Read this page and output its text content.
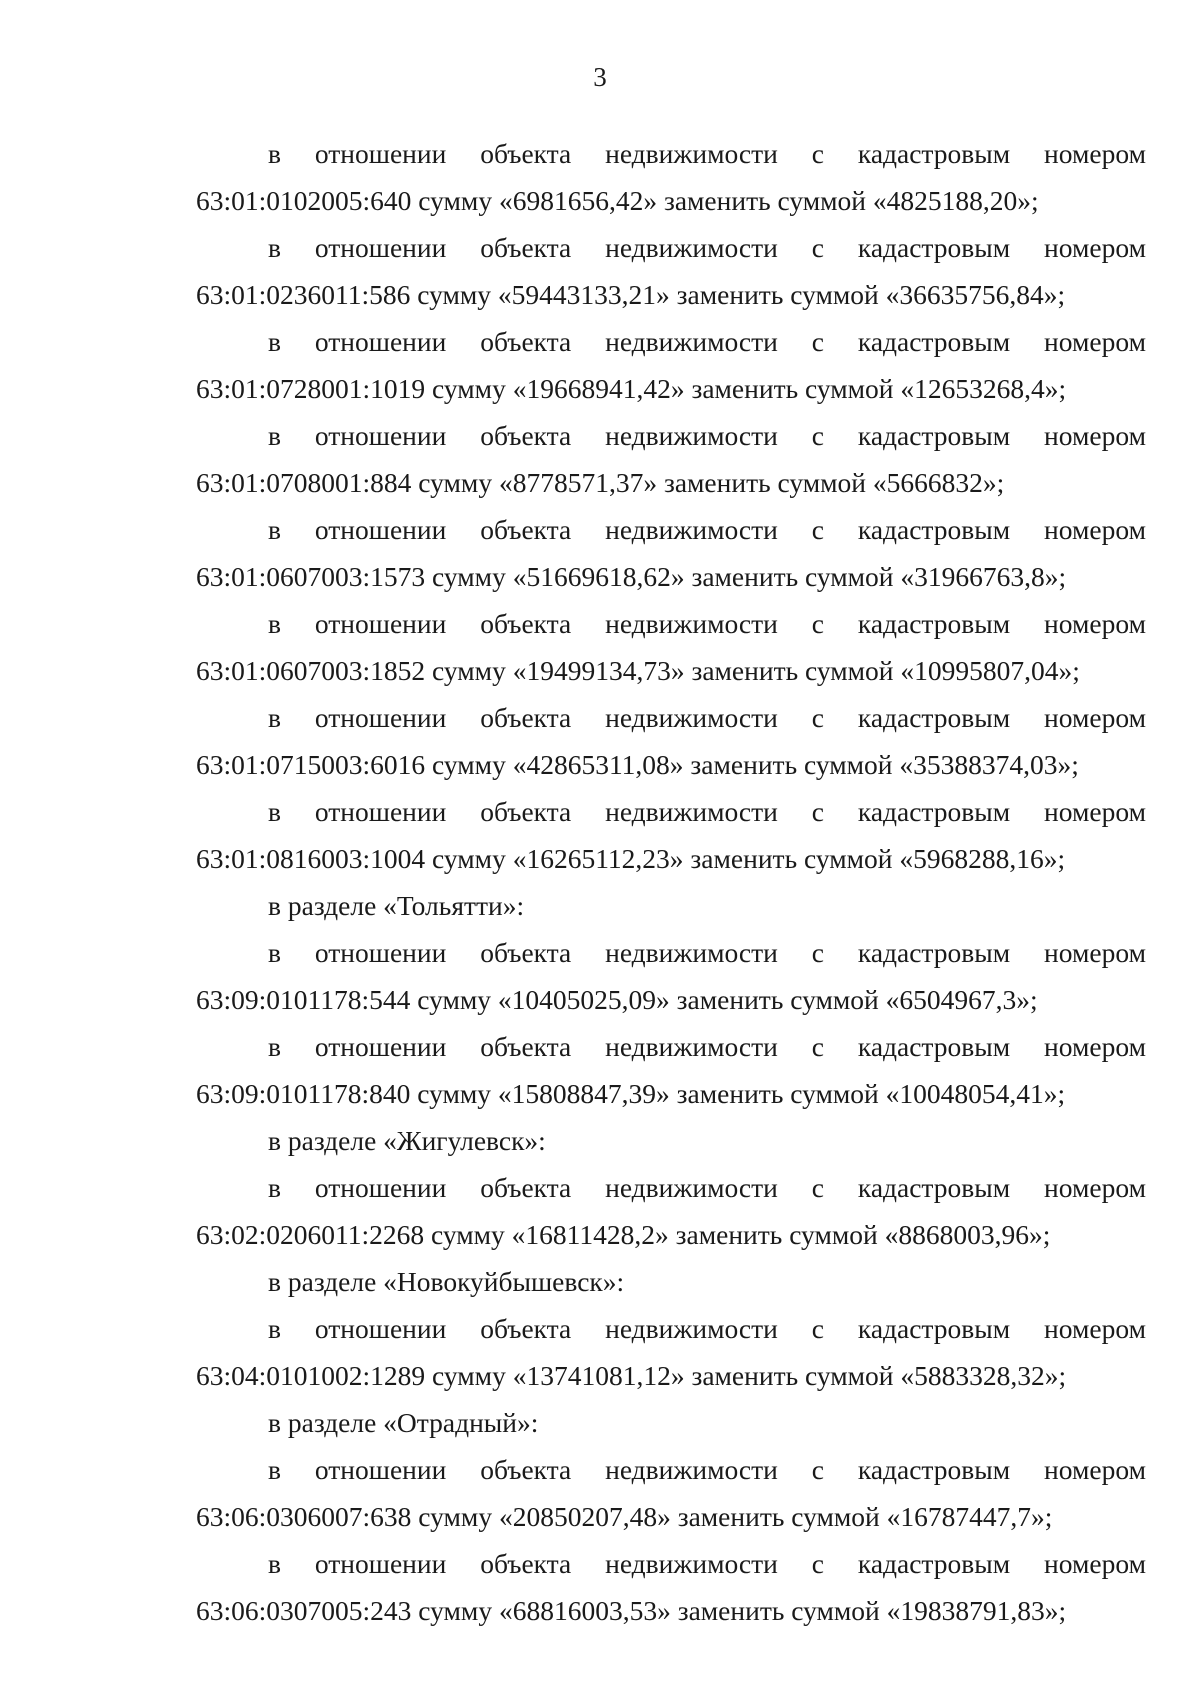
3
в отношении объекта недвижимости с кадастровым номером
63:01:0102005:640 сумму «6981656,42» заменить суммой «4825188,20»;
в отношении объекта недвижимости с кадастровым номером
63:01:0236011:586 сумму «59443133,21» заменить суммой «36635756,84»;
в отношении объекта недвижимости с кадастровым номером
63:01:0728001:1019 сумму «19668941,42» заменить суммой «12653268,4»;
в отношении объекта недвижимости с кадастровым номером
63:01:0708001:884 сумму «8778571,37» заменить суммой «5666832»;
в отношении объекта недвижимости с кадастровым номером
63:01:0607003:1573 сумму «51669618,62» заменить суммой «31966763,8»;
в отношении объекта недвижимости с кадастровым номером
63:01:0607003:1852 сумму «19499134,73» заменить суммой «10995807,04»;
в отношении объекта недвижимости с кадастровым номером
63:01:0715003:6016 сумму «42865311,08» заменить суммой «35388374,03»;
в отношении объекта недвижимости с кадастровым номером
63:01:0816003:1004 сумму «16265112,23» заменить суммой «5968288,16»;

в разделе «Тольятти»:

в отношении объекта недвижимости с кадастровым номером
63:09:0101178:544 сумму «10405025,09» заменить суммой «6504967,3»;
в отношении объекта недвижимости с кадастровым номером
63:09:0101178:840 сумму «15808847,39» заменить суммой «10048054,41»;

в разделе «Жигулевск»:

в отношении объекта недвижимости с кадастровым номером
63:02:0206011:2268 сумму «16811428,2» заменить суммой «8868003,96»;

в разделе «Новокуйбышевск»:

в отношении объекта недвижимости с кадастровым номером
63:04:0101002:1289 сумму «13741081,12» заменить суммой «5883328,32»;

в разделе «Отрадный»:

в отношении объекта недвижимости с кадастровым номером
63:06:0306007:638 сумму «20850207,48» заменить суммой «16787447,7»;
в отношении объекта недвижимости с кадастровым номером
63:06:0307005:243 сумму «68816003,53» заменить суммой «19838791,83»;
